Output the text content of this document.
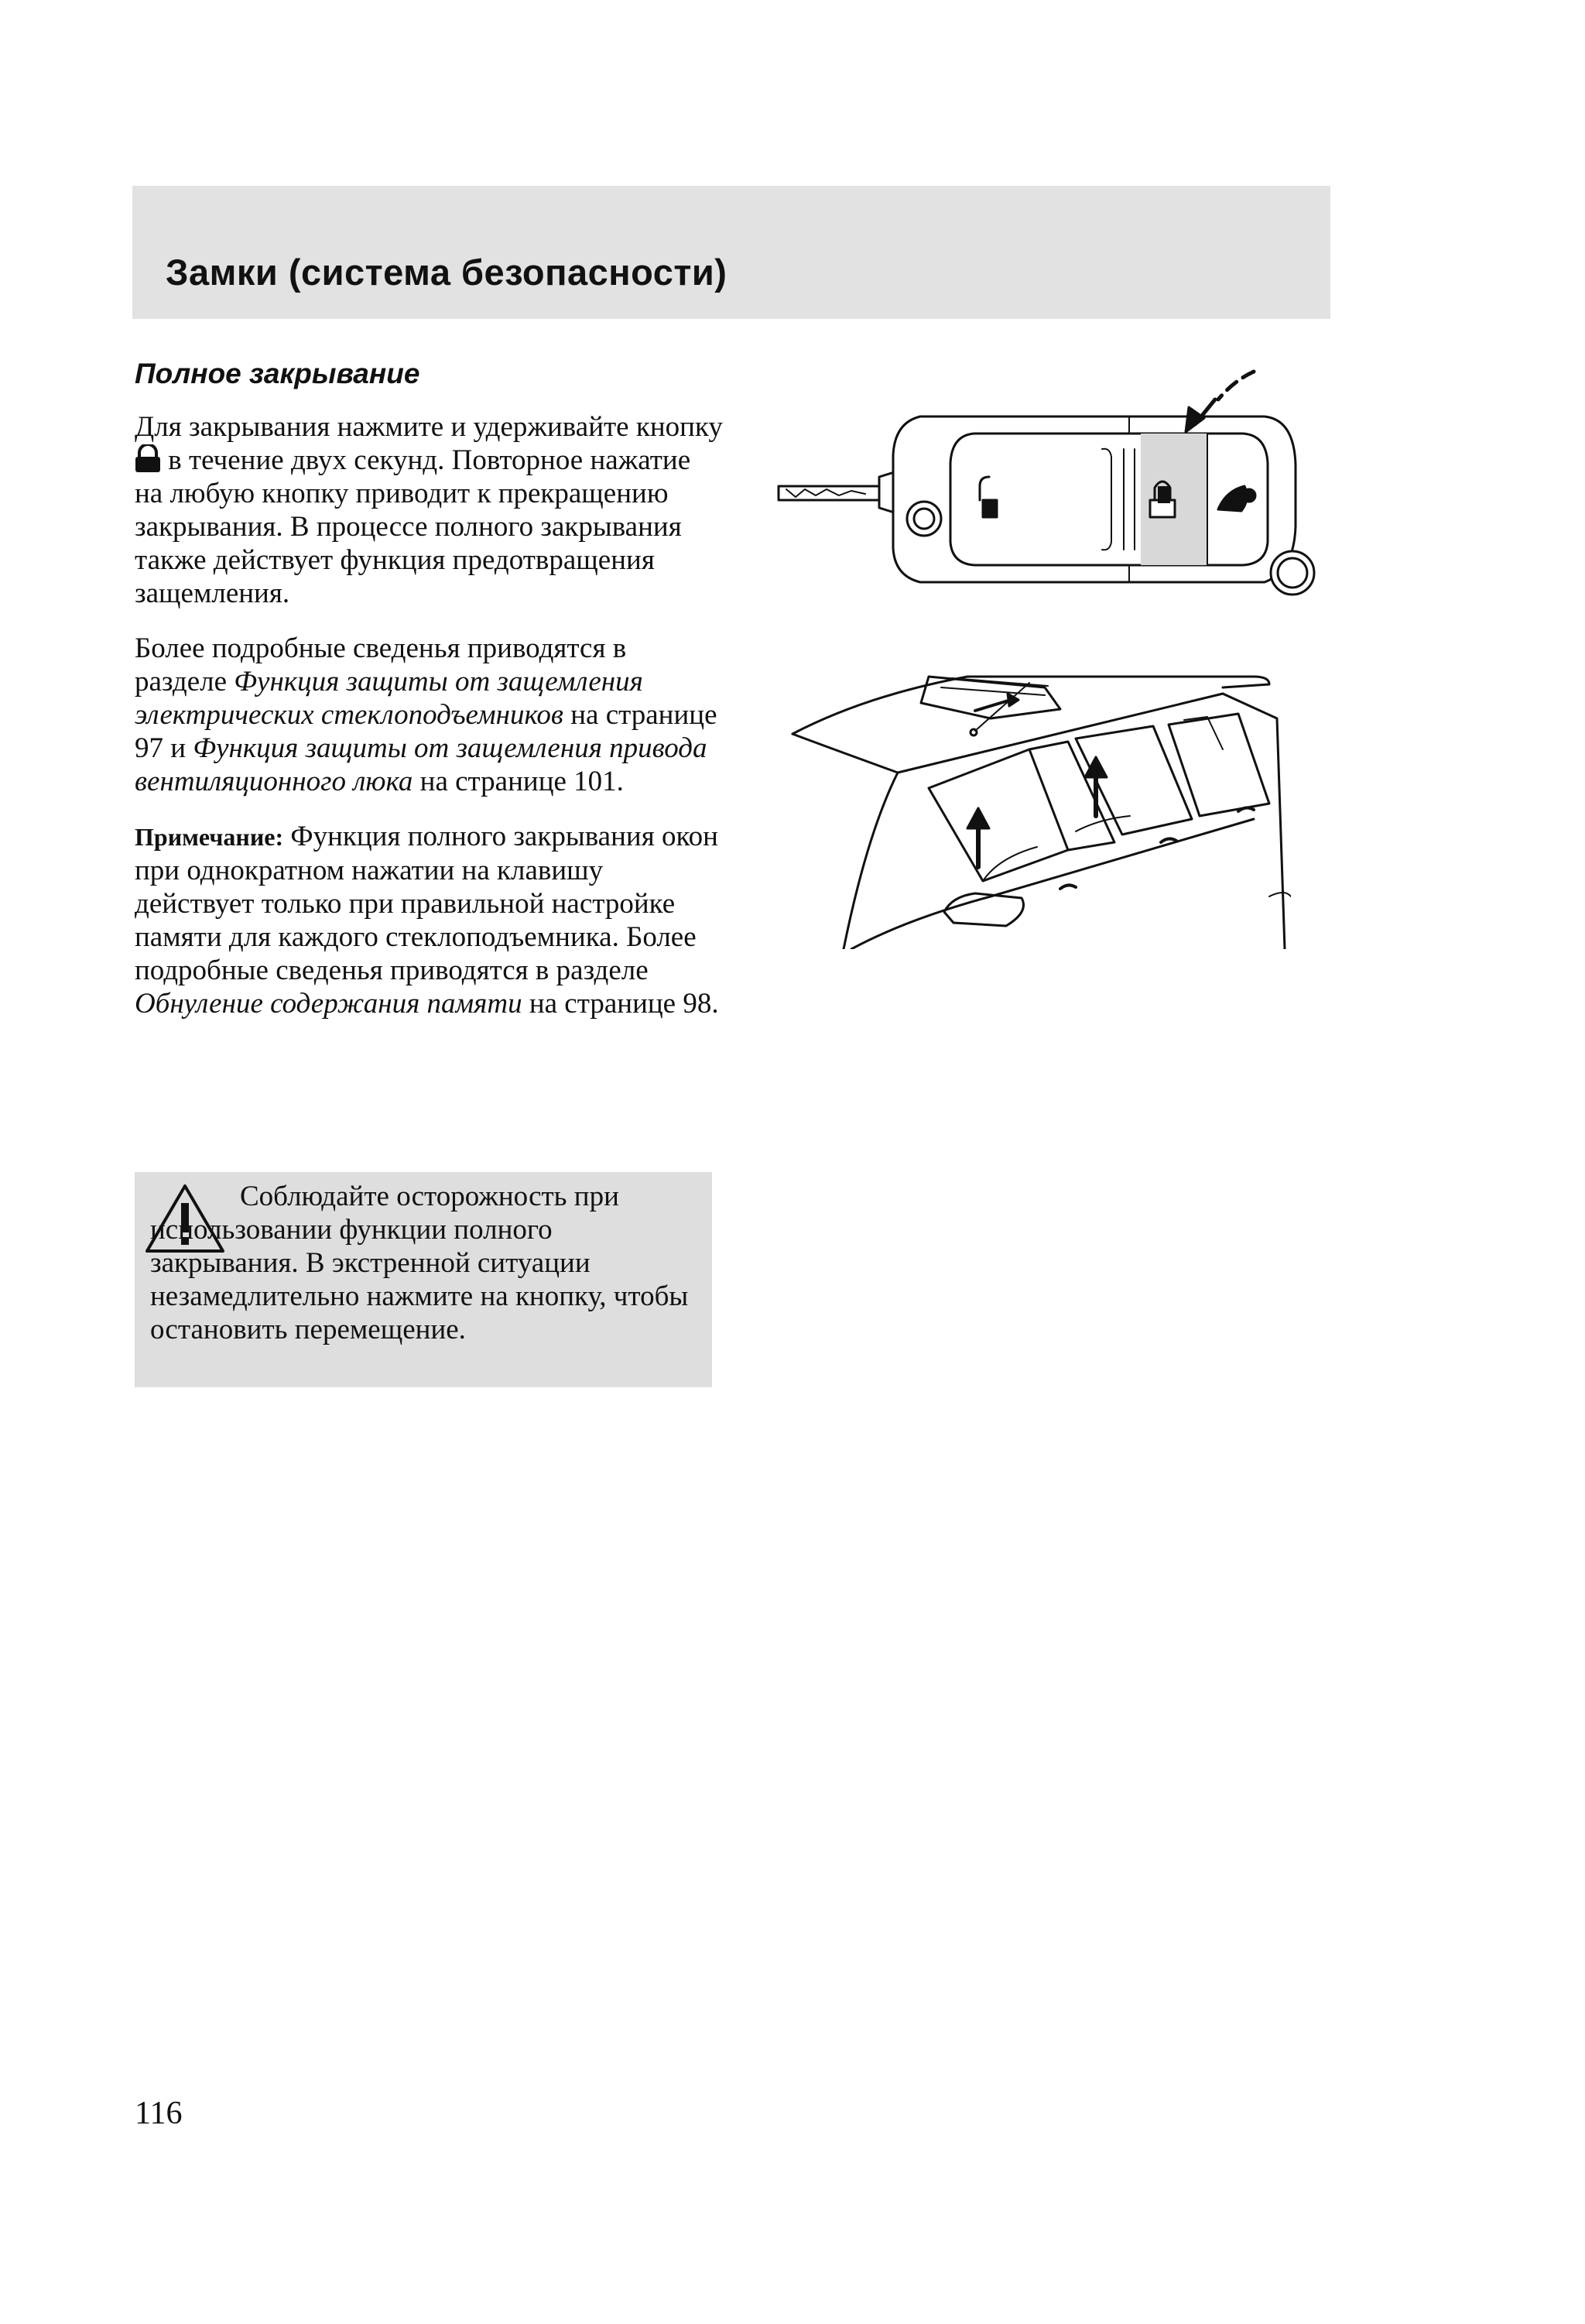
Замки (система безопасности)
Полное закрывание

Для закрывания нажмите и удерживайте кнопку  в течение двух секунд. Повторное нажатие на любую кнопку приводит к прекращению закрывания. В процессе полного закрывания также действует функция предотвращения защемления.

Более подробные сведенья приводятся в разделе Функция защиты от защемления электрических стеклоподъемников на странице 97 и Функция защиты от защемления привода вентиляционного люка на странице 101.

Примечание: Функция полного закрывания окон при однократном нажатии на клавишу действует только при правильной настройке памяти для каждого стеклоподъемника. Более подробные сведенья приводятся в разделе Обнуление содержания памяти на странице 98.

Соблюдайте осторожность при использовании функции полного закрывания. В экстренной ситуации незамедлительно нажмите на кнопку, чтобы остановить перемещение.
116
